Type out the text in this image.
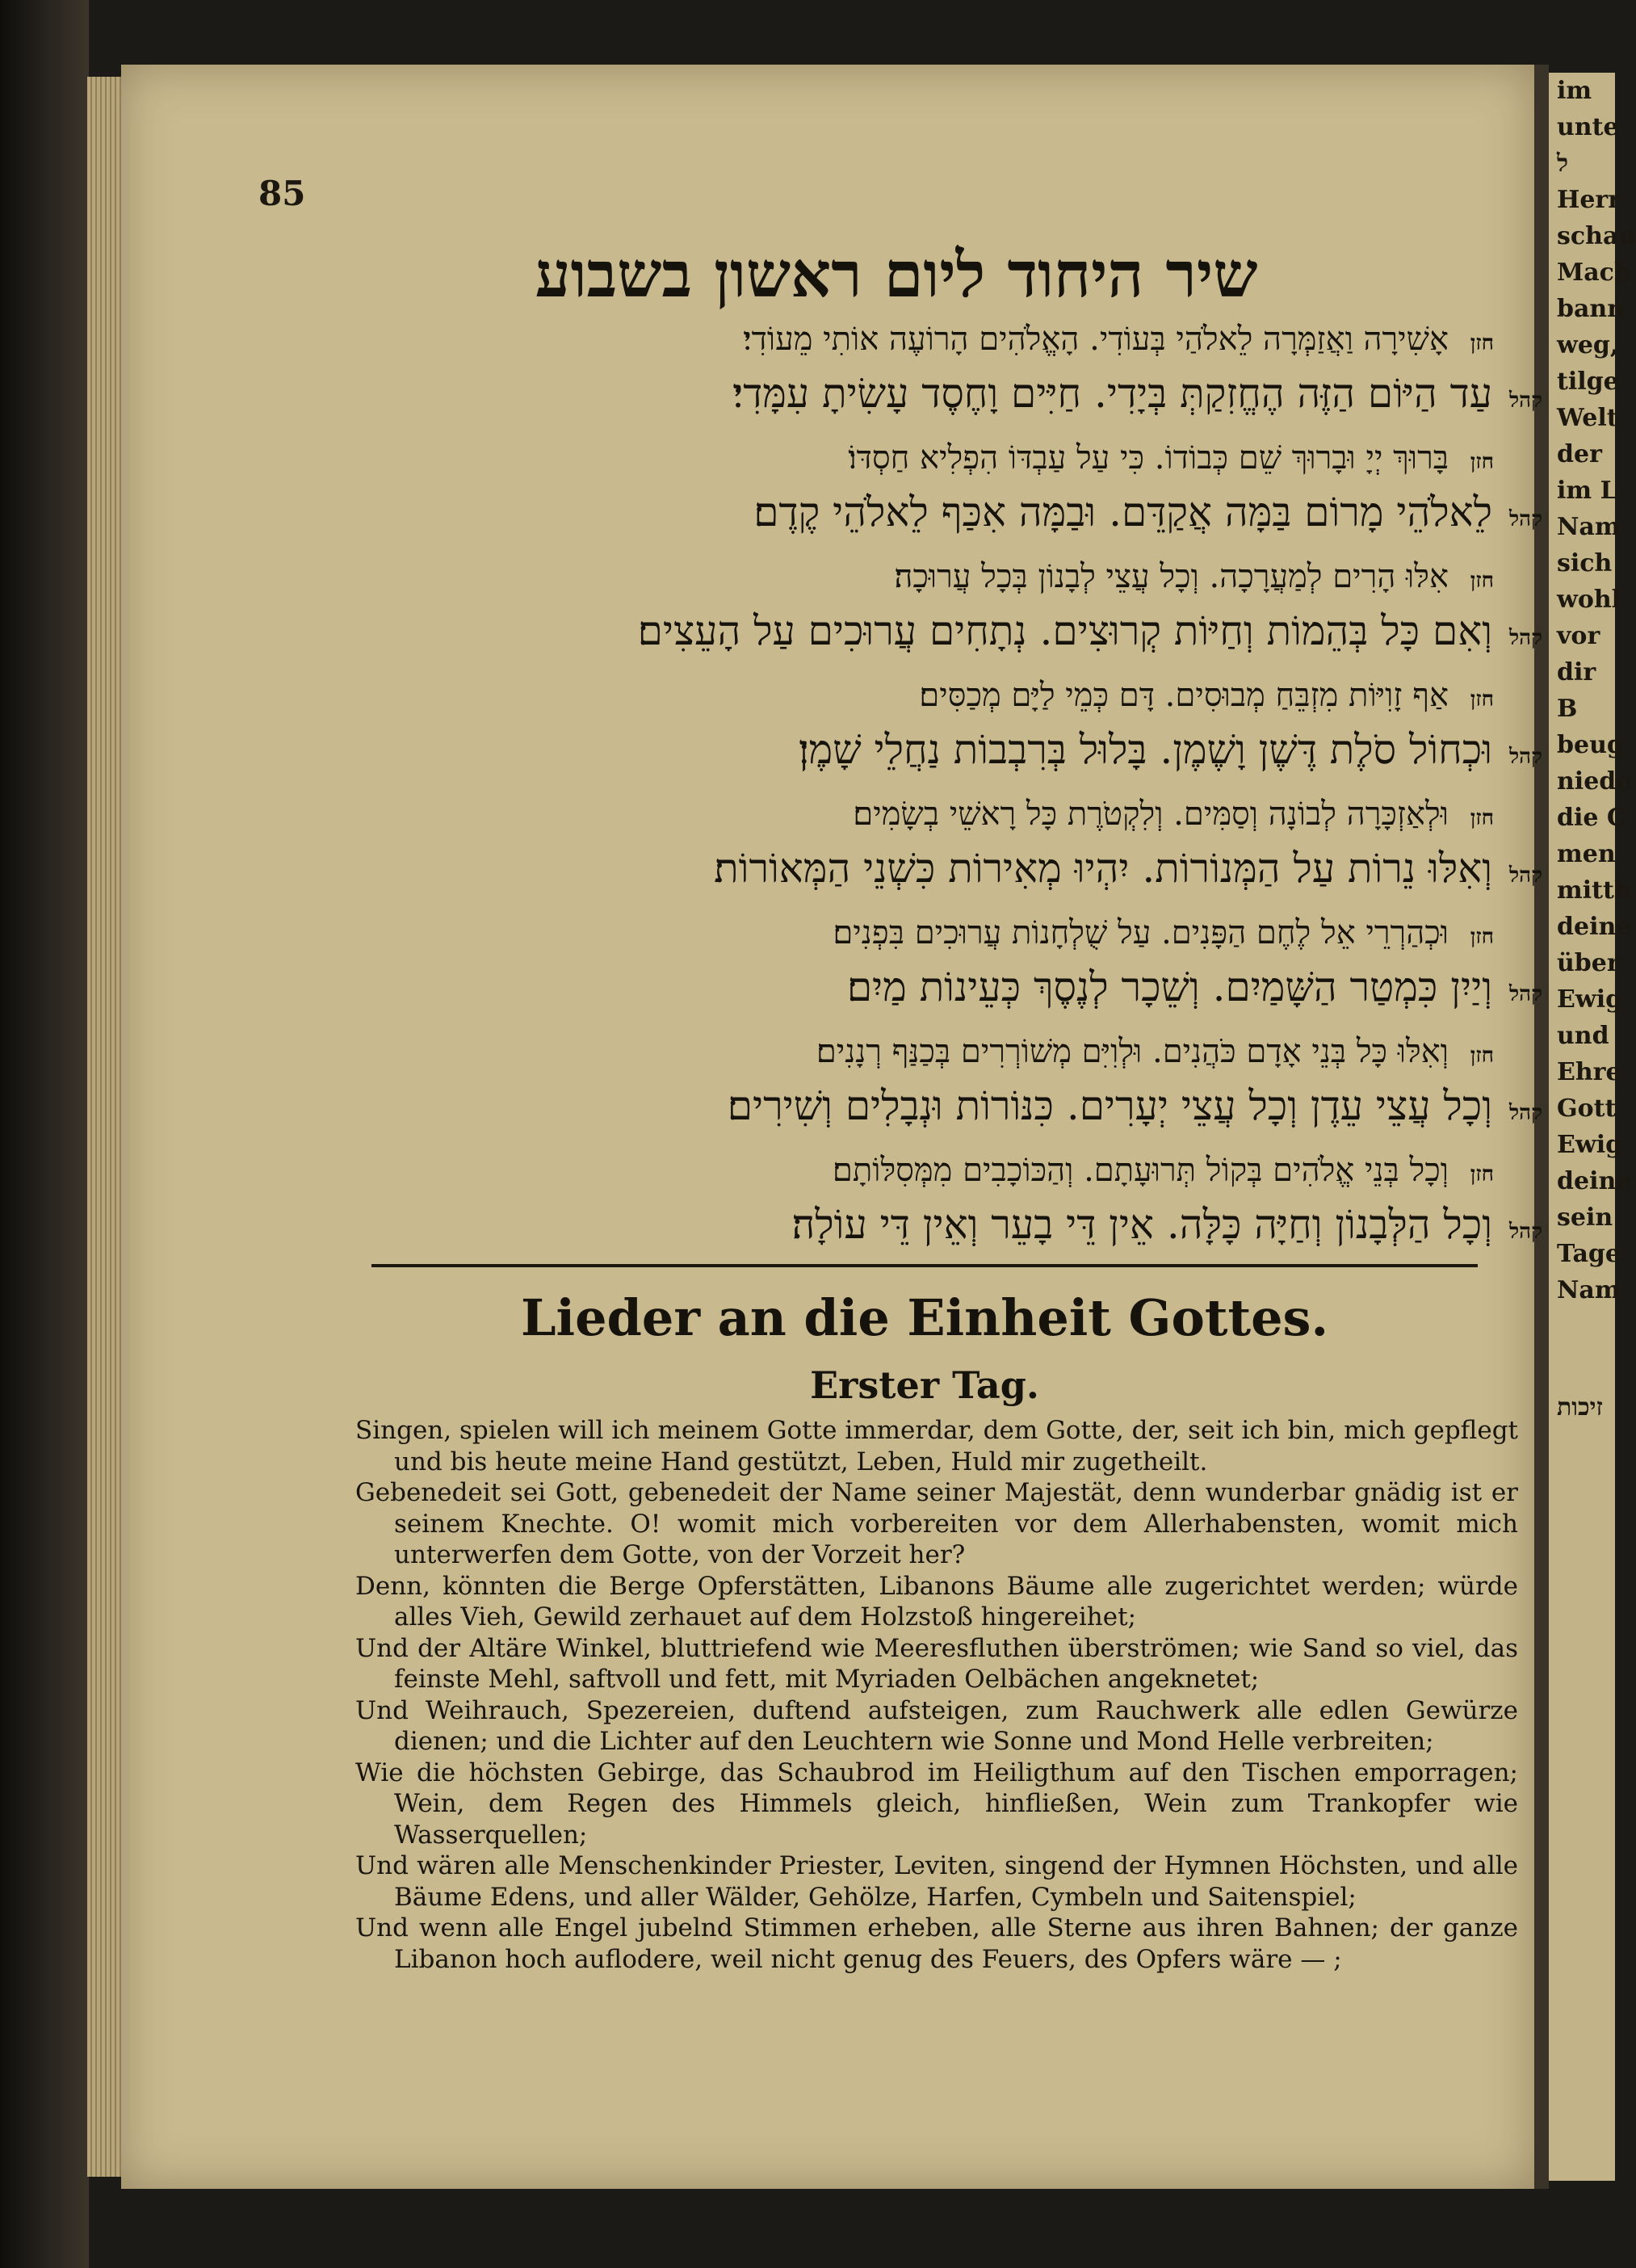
im
unte
ל
Herr
schau
Mach
bann
weg,
tilge
Welt
der
im L
Nam
sich
wohl
vor
dir
B
beug
niede
die C
men
mitth
deine
über
Ewig
und
Ehre
Gott
Ewig
deine
sein
Tage
Nam
זיכות
85
שיר היחוד ליום ראשון בשבוע
חזן
אָשִׁירָה וַאֲזַמְּרָה לֵאלֹהַי בְּעוֹדִי. הָאֱלֹהִים הָרוֹעֶה אוֹתִי מֵעוֹדִי׃
קהל
עַד הַיּוֹם הַזֶּה הֶחֱזִקַתְּ בְּיָדִי. חַיִּים וָחֶסֶד עָשִׂיתָ עִמָּדִי׃
חזן
בָּרוּךְ יְיָ וּבָרוּךְ שֵׁם כְּבוֹדוֹ. כִּי עַל עַבְדּוֹ הִפְלִיא חַסְדּוֹ׃
קהל
לֵאלֹהֵי מָרוֹם בַּמָּה אֲקַדֵּם. וּבַמָּה אִכַּף לֵאלֹהֵי קֶדֶם׃
חזן
אִלּוּ הָרִים לְמַעֲרָכָה. וְכָל עֲצֵי לְבָנוֹן בְּכָל עֲרוּכָה׃
קהל
וְאִם כָּל בְּהֵמוֹת וְחַיּוֹת קְרוּצִים. נְתָחִים עֲרוּכִים עַל הָעֵצִים׃
חזן
אַף זָוִיּוֹת מִזְבֵּחַ מְבוּסִים. דָּם כְּמֵי לַיָּם מְכַסִּים׃
קהל
וּכְחוֹל סֹלֶת דֶּשֶׁן וָשֶׁמֶן. בָּלוּל בְּרִבְבוֹת נַחֲלֵי שָׁמֶן׃
חזן
וּלְאַזְכָּרָה לְבוֹנָה וְסַמִּים. וְלִקְטֹרֶת כָּל רָאשֵׁי בְשָׂמִים׃
קהל
וְאִלּוּ נֵרוֹת עַל הַמְּנוֹרוֹת. יִהְיוּ מְאִירוֹת כִּשְׁנֵי הַמְּאוֹרוֹת׃
חזן
וּכְהַרְרֵי אֵל לֶחֶם הַפָּנִים. עַל שֻׁלְחָנוֹת עֲרוּכִים בִּפְנִים׃
קהל
וְיַיִן כִּמְטַר הַשָּׁמַיִם. וְשֵׁכָר לְנֶסֶךְ כְּעֵינוֹת מַיִם׃
חזן
וְאִלּוּ כָּל בְּנֵי אָדָם כֹּהֲנִים. וּלְוִיִּם מְשׁוֹרְרִים בְּכַנַּף רְנָנִים׃
קהל
וְכָל עֲצֵי עֵדֶן וְכָל עֲצֵי יְעָרִים. כִּנּוֹרוֹת וּנְבָלִים וְשִׁירִים׃
חזן
וְכָל בְּנֵי אֱלֹהִים בְּקוֹל תְּרוּעָתָם. וְהַכּוֹכָבִים מִמְּסִלּוֹתָם׃
קהל
וְכָל הַלְּבָנוֹן וְחַיָּה כָּלָּה. אֵין דֵּי בָעֵר וְאֵין דֵּי עוֹלָה׃
Lieder an die Einheit Gottes.
Erster Tag.

Singen, spielen will ich meinem Gotte immerdar, dem Gotte, der, seit ich bin, mich gepflegt und bis heute meine Hand gestützt, Leben, Huld mir zugetheilt.

Gebenedeit sei Gott, gebenedeit der Name seiner Majestät, denn wunderbar gnädig ist er seinem Knechte. O! womit mich vorbereiten vor dem Allerhabensten, womit mich unterwerfen dem Gotte, von der Vorzeit her?

Denn, könnten die Berge Opferstätten, Libanons Bäume alle zugerichtet werden; würde alles Vieh, Gewild zerhauet auf dem Holzstoß hingereihet;

Und der Altäre Winkel, bluttriefend wie Meeresfluthen überströmen; wie Sand so viel, das feinste Mehl, saftvoll und fett, mit Myriaden Oelbächen angeknetet;

Und Weihrauch, Spezereien, duftend aufsteigen, zum Rauchwerk alle edlen Gewürze dienen; und die Lichter auf den Leuchtern wie Sonne und Mond Helle verbreiten;

Wie die höchsten Gebirge, das Schaubrod im Heiligthum auf den Tischen emporragen; Wein, dem Regen des Himmels gleich, hinfließen, Wein zum Trankopfer wie Wasserquellen;

Und wären alle Menschenkinder Priester, Leviten, singend der Hymnen Höchsten, und alle Bäume Edens, und aller Wälder, Gehölze, Harfen, Cymbeln und Saitenspiel;

Und wenn alle Engel jubelnd Stimmen erheben, alle Sterne aus ihren Bahnen; der ganze Libanon hoch auflodere, weil nicht genug des Feuers, des Opfers wäre — ;
